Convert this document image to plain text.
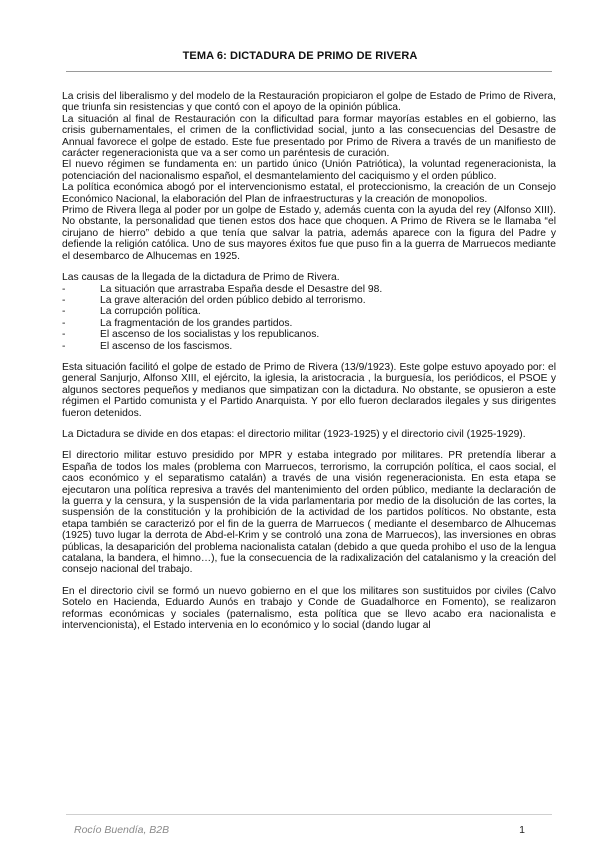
TEMA 6: DICTADURA DE PRIMO DE RIVERA

La crisis del liberalismo y del modelo de la Restauración propiciaron el golpe de Estado de Primo de Rivera, que triunfa sin resistencias y que contó con el apoyo de la opinión pública.

La situación al final de Restauración con la dificultad para formar mayorías estables en el gobierno, las crisis gubernamentales, el crimen de la conflictividad social, junto a las consecuencias del Desastre de Annual favorece el golpe de estado. Este fue presentado por Primo de Rivera a través de un manifiesto de carácter regeneracionista que va a ser como un paréntesis de curación.

El nuevo régimen se fundamenta en: un partido único (Unión Patriótica), la voluntad regeneracionista, la potenciación del nacionalismo español, el desmantelamiento del caciquismo y el orden público.

La política económica abogó por el intervencionismo estatal, el proteccionismo, la creación de un Consejo Económico Nacional, la elaboración del Plan de infraestructuras y la creación de monopolios.

Primo de Rivera llega al poder por un golpe de Estado y, además cuenta con la ayuda del rey (Alfonso XIII). No obstante, la personalidad que tienen estos dos hace que choquen. A Primo de Rivera se le llamaba “el cirujano de hierro” debido a que tenía que salvar la patria, además aparece con la figura del Padre y defiende la religión católica. Uno de sus mayores éxitos fue que puso fin a la guerra de Marruecos mediante el desembarco de Alhucemas en 1925.

Las causas de la llegada de la dictadura de Primo de Rivera.

-	La situación que arrastraba España desde el Desastre del 98.
-	La grave alteración del orden público debido al terrorismo.
-	La corrupción política.
-	La fragmentación de los grandes partidos.
-	El ascenso de los socialistas y los republicanos.
-	El ascenso de los fascismos.

Esta situación facilitó el golpe de estado de Primo de Rivera (13/9/1923). Este golpe estuvo apoyado por: el general Sanjurjo, Alfonso XIII, el ejército, la iglesia, la aristocracia , la burguesía, los periódicos, el PSOE y algunos sectores pequeños y medianos que simpatizan con la dictadura. No obstante, se opusieron a este régimen el Partido comunista y el Partido Anarquista. Y por ello fueron declarados ilegales y sus dirigentes fueron detenidos.

La Dictadura se divide en dos etapas: el directorio militar (1923-1925) y el directorio civil (1925-1929).

El directorio militar estuvo presidido por MPR y estaba integrado por militares. PR pretendía liberar a España de todos los males (problema con Marruecos, terrorismo, la corrupción política, el caos social, el caos económico y el separatismo catalán) a través de una visión regeneracionista. En esta etapa se ejecutaron una política represiva a través del mantenimiento del orden público, mediante la declaración de la guerra y la censura, y la suspensión de la vida parlamentaria por medio de la disolución de las cortes, la suspensión de la constitución y la prohibición de la actividad de los partidos políticos. No obstante, esta etapa también se caracterizó por el fin de la guerra de Marruecos ( mediante el desembarco de Alhucemas (1925) tuvo lugar la derrota de Abd-el-Krim y se controló una zona de Marruecos), las inversiones en obras públicas, la desaparición del problema nacionalista catalan (debido a que queda prohibo el uso de la lengua catalana, la bandera, el himno…), fue la consecuencia de la radixalización del catalanismo y la creación del consejo nacional del trabajo.

En el directorio civil se formó un nuevo gobierno en el que los militares son sustituidos por civiles (Calvo Sotelo en Hacienda, Eduardo Aunós en trabajo y Conde de Guadalhorce en Fomento), se realizaron reformas económicas y sociales (paternalismo, esta política que se llevo acabo era nacionalista e intervencionista), el Estado intervenia en lo económico y lo social (dando lugar al

Rocío Buendía, B2B	1
